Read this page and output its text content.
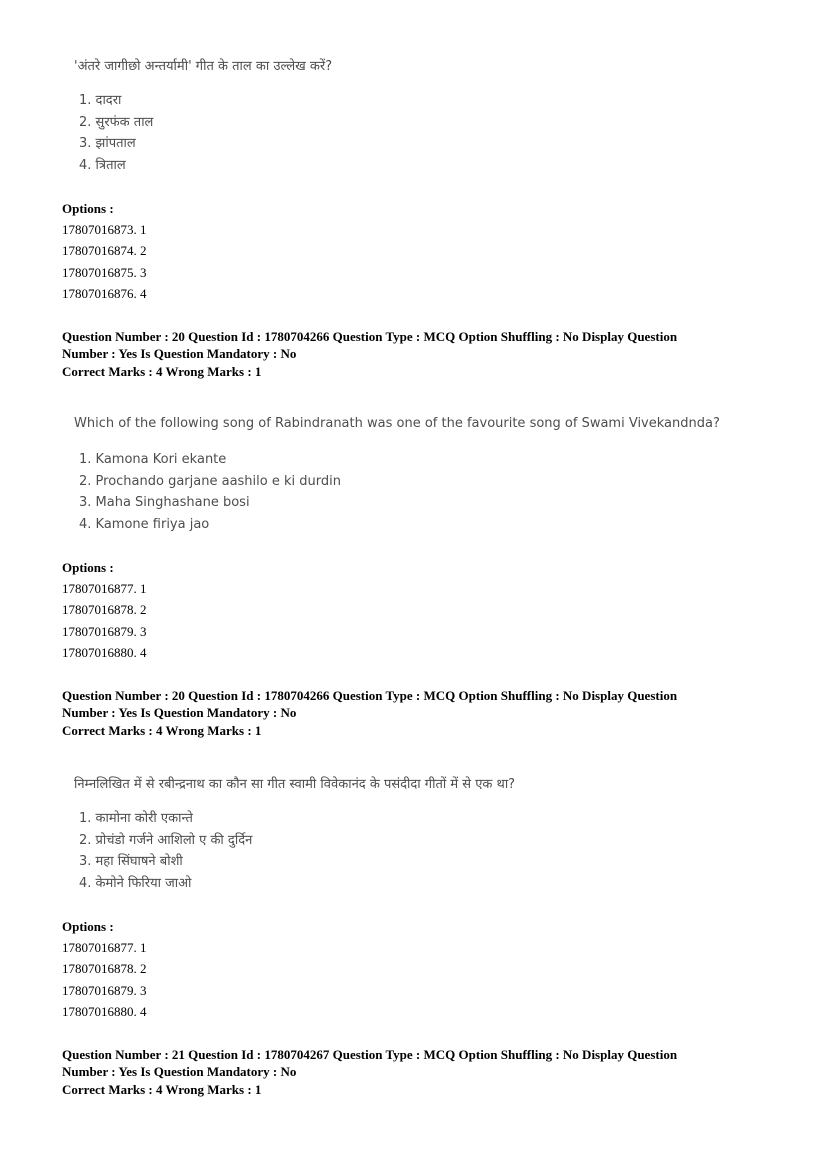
'अंतरे जागीछो अन्तर्यामी' गीत के ताल का उल्लेख करें?
1. दादरा
2. सुरफंक ताल
3. झांपताल
4. त्रिताल
Options :
17807016873. 1
17807016874. 2
17807016875. 3
17807016876. 4
Question Number : 20 Question Id : 1780704266 Question Type : MCQ Option Shuffling : No Display Question
Number : Yes Is Question Mandatory : No
Correct Marks : 4 Wrong Marks : 1
Which of the following song of Rabindranath was one of the favourite song of Swami Vivekandnda?
1. Kamona Kori ekante
2. Prochando garjane aashilo e ki durdin
3. Maha Singhashane bosi
4. Kamone firiya jao
Options :
17807016877. 1
17807016878. 2
17807016879. 3
17807016880. 4
Question Number : 20 Question Id : 1780704266 Question Type : MCQ Option Shuffling : No Display Question
Number : Yes Is Question Mandatory : No
Correct Marks : 4 Wrong Marks : 1
निम्नलिखित में से रबीन्द्रनाथ का कौन सा गीत स्वामी विवेकानंद के पसंदीदा गीतों में से एक था?
1. कामोना कोरी एकान्ते
2. प्रोचंडो गर्जने आशिलो ए की दुर्दिन
3. महा सिंघाषने बोशी
4. केमोने फिरिया जाओ
Options :
17807016877. 1
17807016878. 2
17807016879. 3
17807016880. 4
Question Number : 21 Question Id : 1780704267 Question Type : MCQ Option Shuffling : No Display Question
Number : Yes Is Question Mandatory : No
Correct Marks : 4 Wrong Marks : 1
